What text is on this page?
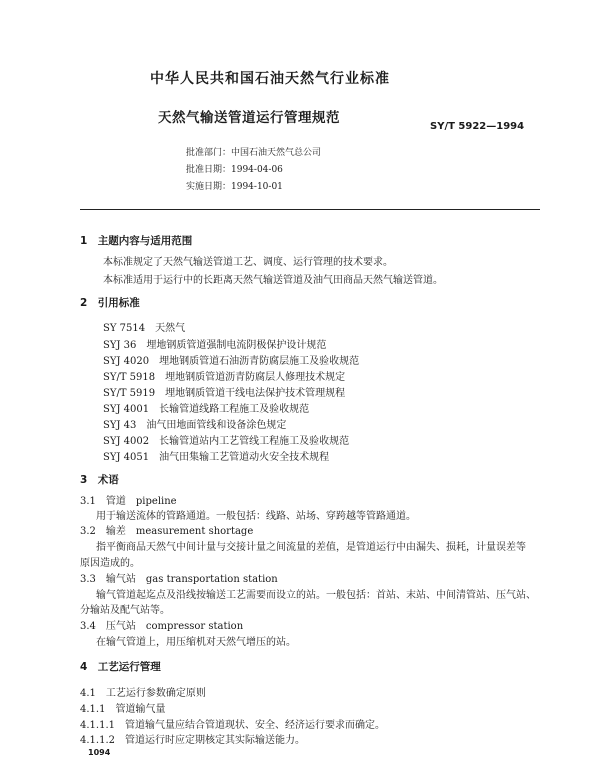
中华人民共和国石油天然气行业标准
天然气输送管道运行管理规范
SY/T 5922—1994
批准部门：中国石油天然气总公司
批准日期：1994-04-06
实施日期：1994-10-01
1　主题内容与适用范围
本标准规定了天然气输送管道工艺、调度、运行管理的技术要求。
本标准适用于运行中的长距离天然气输送管道及油气田商品天然气输送管道。
2　引用标准
SY 7514　天然气
SYJ 36　埋地钢质管道强制电流阴极保护设计规范
SYJ 4020　埋地钢质管道石油沥青防腐层施工及验收规范
SY/T 5918　埋地钢质管道沥青防腐层人修理技术规定
SY/T 5919　埋地钢质管道干线电法保护技术管理规程
SYJ 4001　长输管道线路工程施工及验收规范
SYJ 43　油气田地面管线和设备涂色规定
SYJ 4002　长输管道站内工艺管线工程施工及验收规范
SYJ 4051　油气田集输工艺管道动火安全技术规程
3　术语
3.1　管道　pipeline
用于输送流体的管路通道。一般包括：线路、站场、穿跨越等管路通道。
3.2　输差　measurement shortage
指平衡商品天然气中间计量与交接计量之间流量的差值，是管道运行中由漏失、损耗，计量误差等
原因造成的。
3.3　输气站　gas transportation station
输气管道起迄点及沿线按输送工艺需要而设立的站。一般包括：首站、末站、中间清管站、压气站、
分输站及配气站等。
3.4　压气站　compressor station
在输气管道上，用压缩机对天然气增压的站。
4　工艺运行管理
4.1　工艺运行参数确定原则
4.1.1　管道输气量
4.1.1.1　管道输气量应结合管道现状、安全、经济运行要求而确定。
4.1.1.2　管道运行时应定期核定其实际输送能力。
1094
